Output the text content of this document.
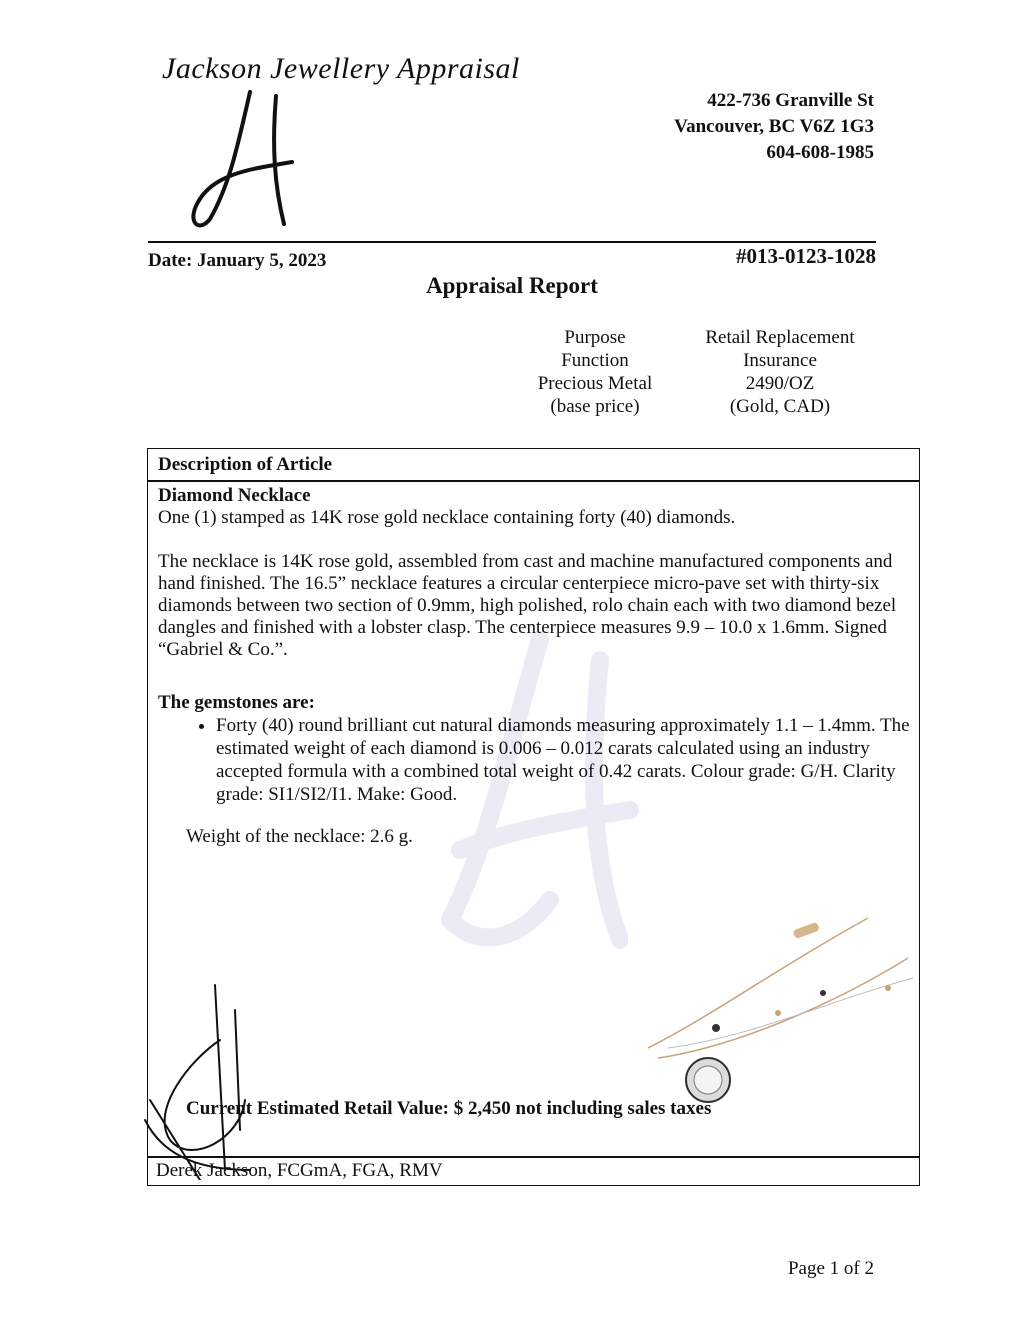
Jackson Jewellery Appraisal
422-736 Granville St
Vancouver, BC V6Z 1G3
604-608-1985
Date: January 5, 2023	#013-0123-1028
Appraisal Report
Purpose
Function
Precious Metal
(base price)
Retail Replacement
Insurance
2490/OZ
(Gold, CAD)
Description of Article
Diamond Necklace
One (1) stamped as 14K rose gold necklace containing forty (40) diamonds.
The necklace is 14K rose gold, assembled from cast and machine manufactured components and hand finished. The 16.5” necklace features a circular centerpiece micro-pave set with thirty-six diamonds between two section of 0.9mm, high polished, rolo chain each with two diamond bezel dangles and finished with a lobster clasp. The centerpiece measures 9.9 – 10.0 x 1.6mm. Signed “Gabriel & Co.”.
The gemstones are:
• Forty (40) round brilliant cut natural diamonds measuring approximately 1.1 – 1.4mm. The estimated weight of each diamond is 0.006 – 0.012 carats calculated using an industry accepted formula with a combined total weight of 0.42 carats. Colour grade: G/H. Clarity grade: SI1/SI2/I1. Make: Good.
Weight of the necklace: 2.6 g.
Current Estimated Retail Value: $ 2,450 not including sales taxes
Derek Jackson, FCGmA, FGA, RMV
Page 1 of 2
